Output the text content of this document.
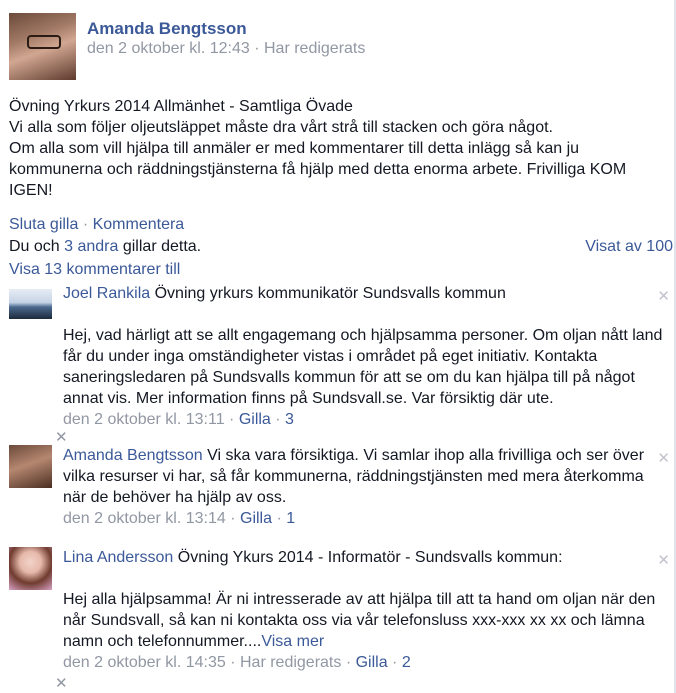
Amanda Bengtsson
den 2 oktober kl. 12:43 · Har redigerats
Övning Yrkurs 2014 Allmänhet - Samtliga Övade
Vi alla som följer oljeutsläppet måste dra vårt strå till stacken och göra något.
Om alla som vill hjälpa till anmäler er med kommentarer till detta inlägg så kan ju kommunerna och räddningstjänsterna få hjälp med detta enorma arbete. Frivilliga KOM IGEN!
Sluta gilla · Kommentera
Du och 3 andra gillar detta.	Visat av 100
Visa 13 kommentarer till
Joel Rankila Övning yrkurs kommunikatör Sundsvalls kommun
Hej, vad härligt att se allt engagemang och hjälpsamma personer. Om oljan nått land får du under inga omständigheter vistas i området på eget initiativ. Kontakta saneringsledaren på Sundsvalls kommun för att se om du kan hjälpa till på något annat vis. Mer information finns på Sundsvall.se. Var försiktig där ute.
den 2 oktober kl. 13:11 · Gilla · 3
✕
✕
Amanda Bengtsson Vi ska vara försiktiga. Vi samlar ihop alla frivilliga och ser över vilka resurser vi har, så får kommunerna, räddningstjänsten med mera återkomma när de behöver ha hjälp av oss.
den 2 oktober kl. 13:14 · Gilla · 1
✕
Lina Andersson Övning Ykurs 2014 - Informatör - Sundsvalls kommun:
Hej alla hjälpsamma! Är ni intresserade av att hjälpa till att ta hand om oljan när den når Sundsvall, så kan ni kontakta oss via vår telefonsluss xxx-xxx xx xx och lämna namn och telefonnummer....Visa mer
den 2 oktober kl. 14:35 · Har redigerats · Gilla · 2
✕
✕
